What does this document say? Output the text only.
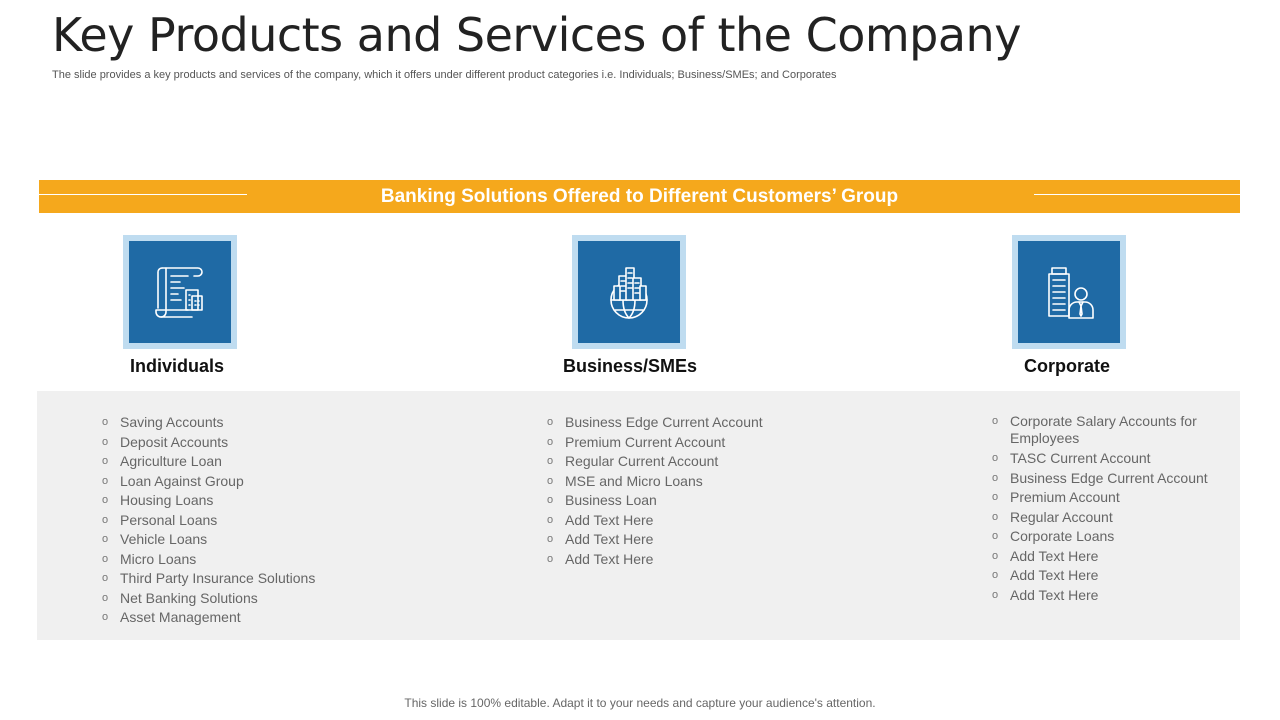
Key Products and Services of the Company
The slide provides a key products and services of the company, which it offers under different product categories i.e. Individuals; Business/SMEs; and Corporates
Banking Solutions Offered to Different Customers’ Group
Individuals	Business/SMEs	Corporate
o Saving Accounts
o Deposit Accounts
o Agriculture Loan
o Loan Against Group
o Housing Loans
o Personal Loans
o Vehicle Loans
o Micro Loans
o Third Party Insurance Solutions
o Net Banking Solutions
o Asset Management
o Business Edge Current Account
o Premium Current Account
o Regular Current Account
o MSE and Micro Loans
o Business Loan
o Add Text Here
o Add Text Here
o Add Text Here
o Corporate Salary Accounts for Employees
o TASC Current Account
o Business Edge Current Account
o Premium Account
o Regular Account
o Corporate Loans
o Add Text Here
o Add Text Here
o Add Text Here
This slide is 100% editable. Adapt it to your needs and capture your audience's attention.
